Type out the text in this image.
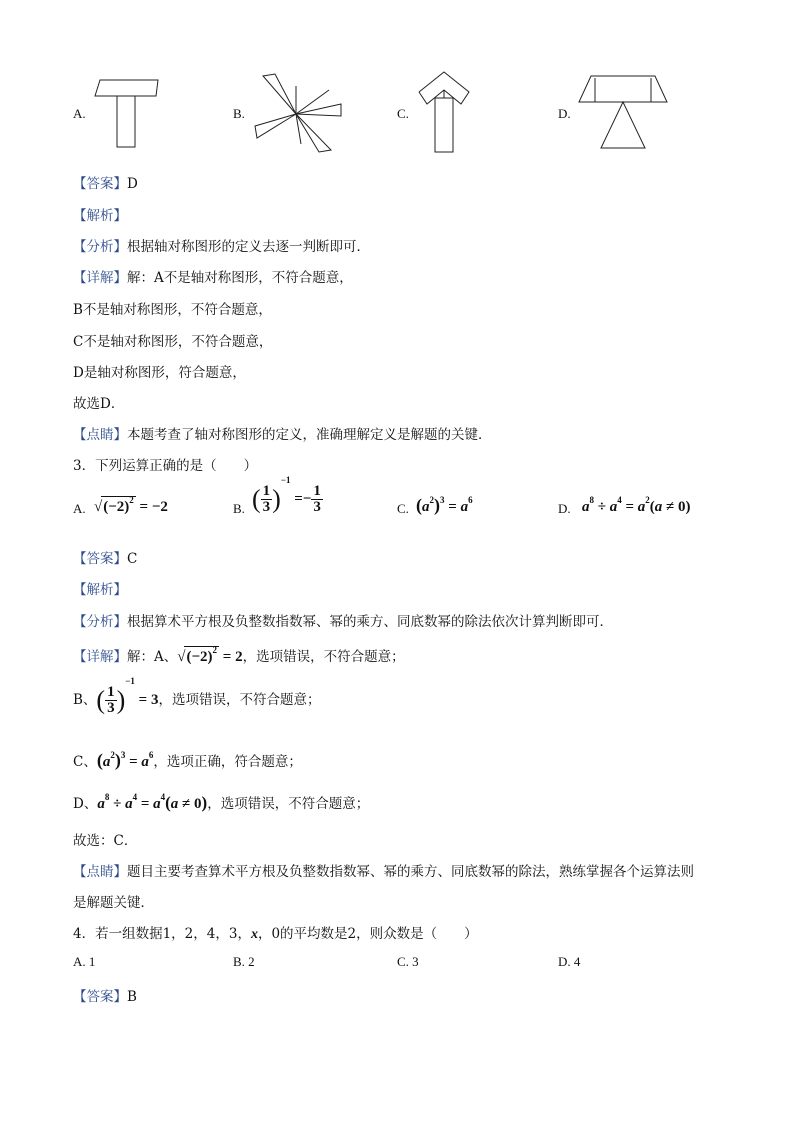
A.	B.	C.	D.
【答案】D
【解析】
【分析】根据轴对称图形的定义去逐一判断即可．
【详解】解：A不是轴对称图形，不符合题意，
B不是轴对称图形，不符合题意，
C不是轴对称图形，不符合题意，
D是轴对称图形，符合题意，
故选D．
【点睛】本题考查了轴对称图形的定义，准确理解定义是解题的关键．
3．下列运算正确的是（　　）
A. $√(-2)^2 = -2$	B. ( $\frac{1}{3} )^{-1} =- \frac{1}{3}$	C. $(a^2)^3 = a^6$
D. $a^8 \div a^4 = a^2(a \ne 0)$
【答案】C
【解析】
【分析】根据算术平方根及负整数指数幂、幂的乘方、同底数幂的除法依次计算判断即可．
【详解】解：A、$√(-2)^2 = 2$，选项错误，不符合题意；
B、( $\frac{1}{3} )^{-1} = 3$，选项错误，不符合题意；
C、$(a^2)^3 = a^6$，选项正确，符合题意；
D、$a^8 \div a^4 = a^4(a \ne 0)$，选项错误，不符合题意；
故选：C．
【点睛】题目主要考查算术平方根及负整数指数幂、幂的乘方、同底数幂的除法，熟练掌握各个运算法则
是解题关键．
4．若一组数据1，2，4，3，x，0的平均数是2，则众数是（　　）
A. 1	B. 2	C. 3	D. 4
【答案】B
